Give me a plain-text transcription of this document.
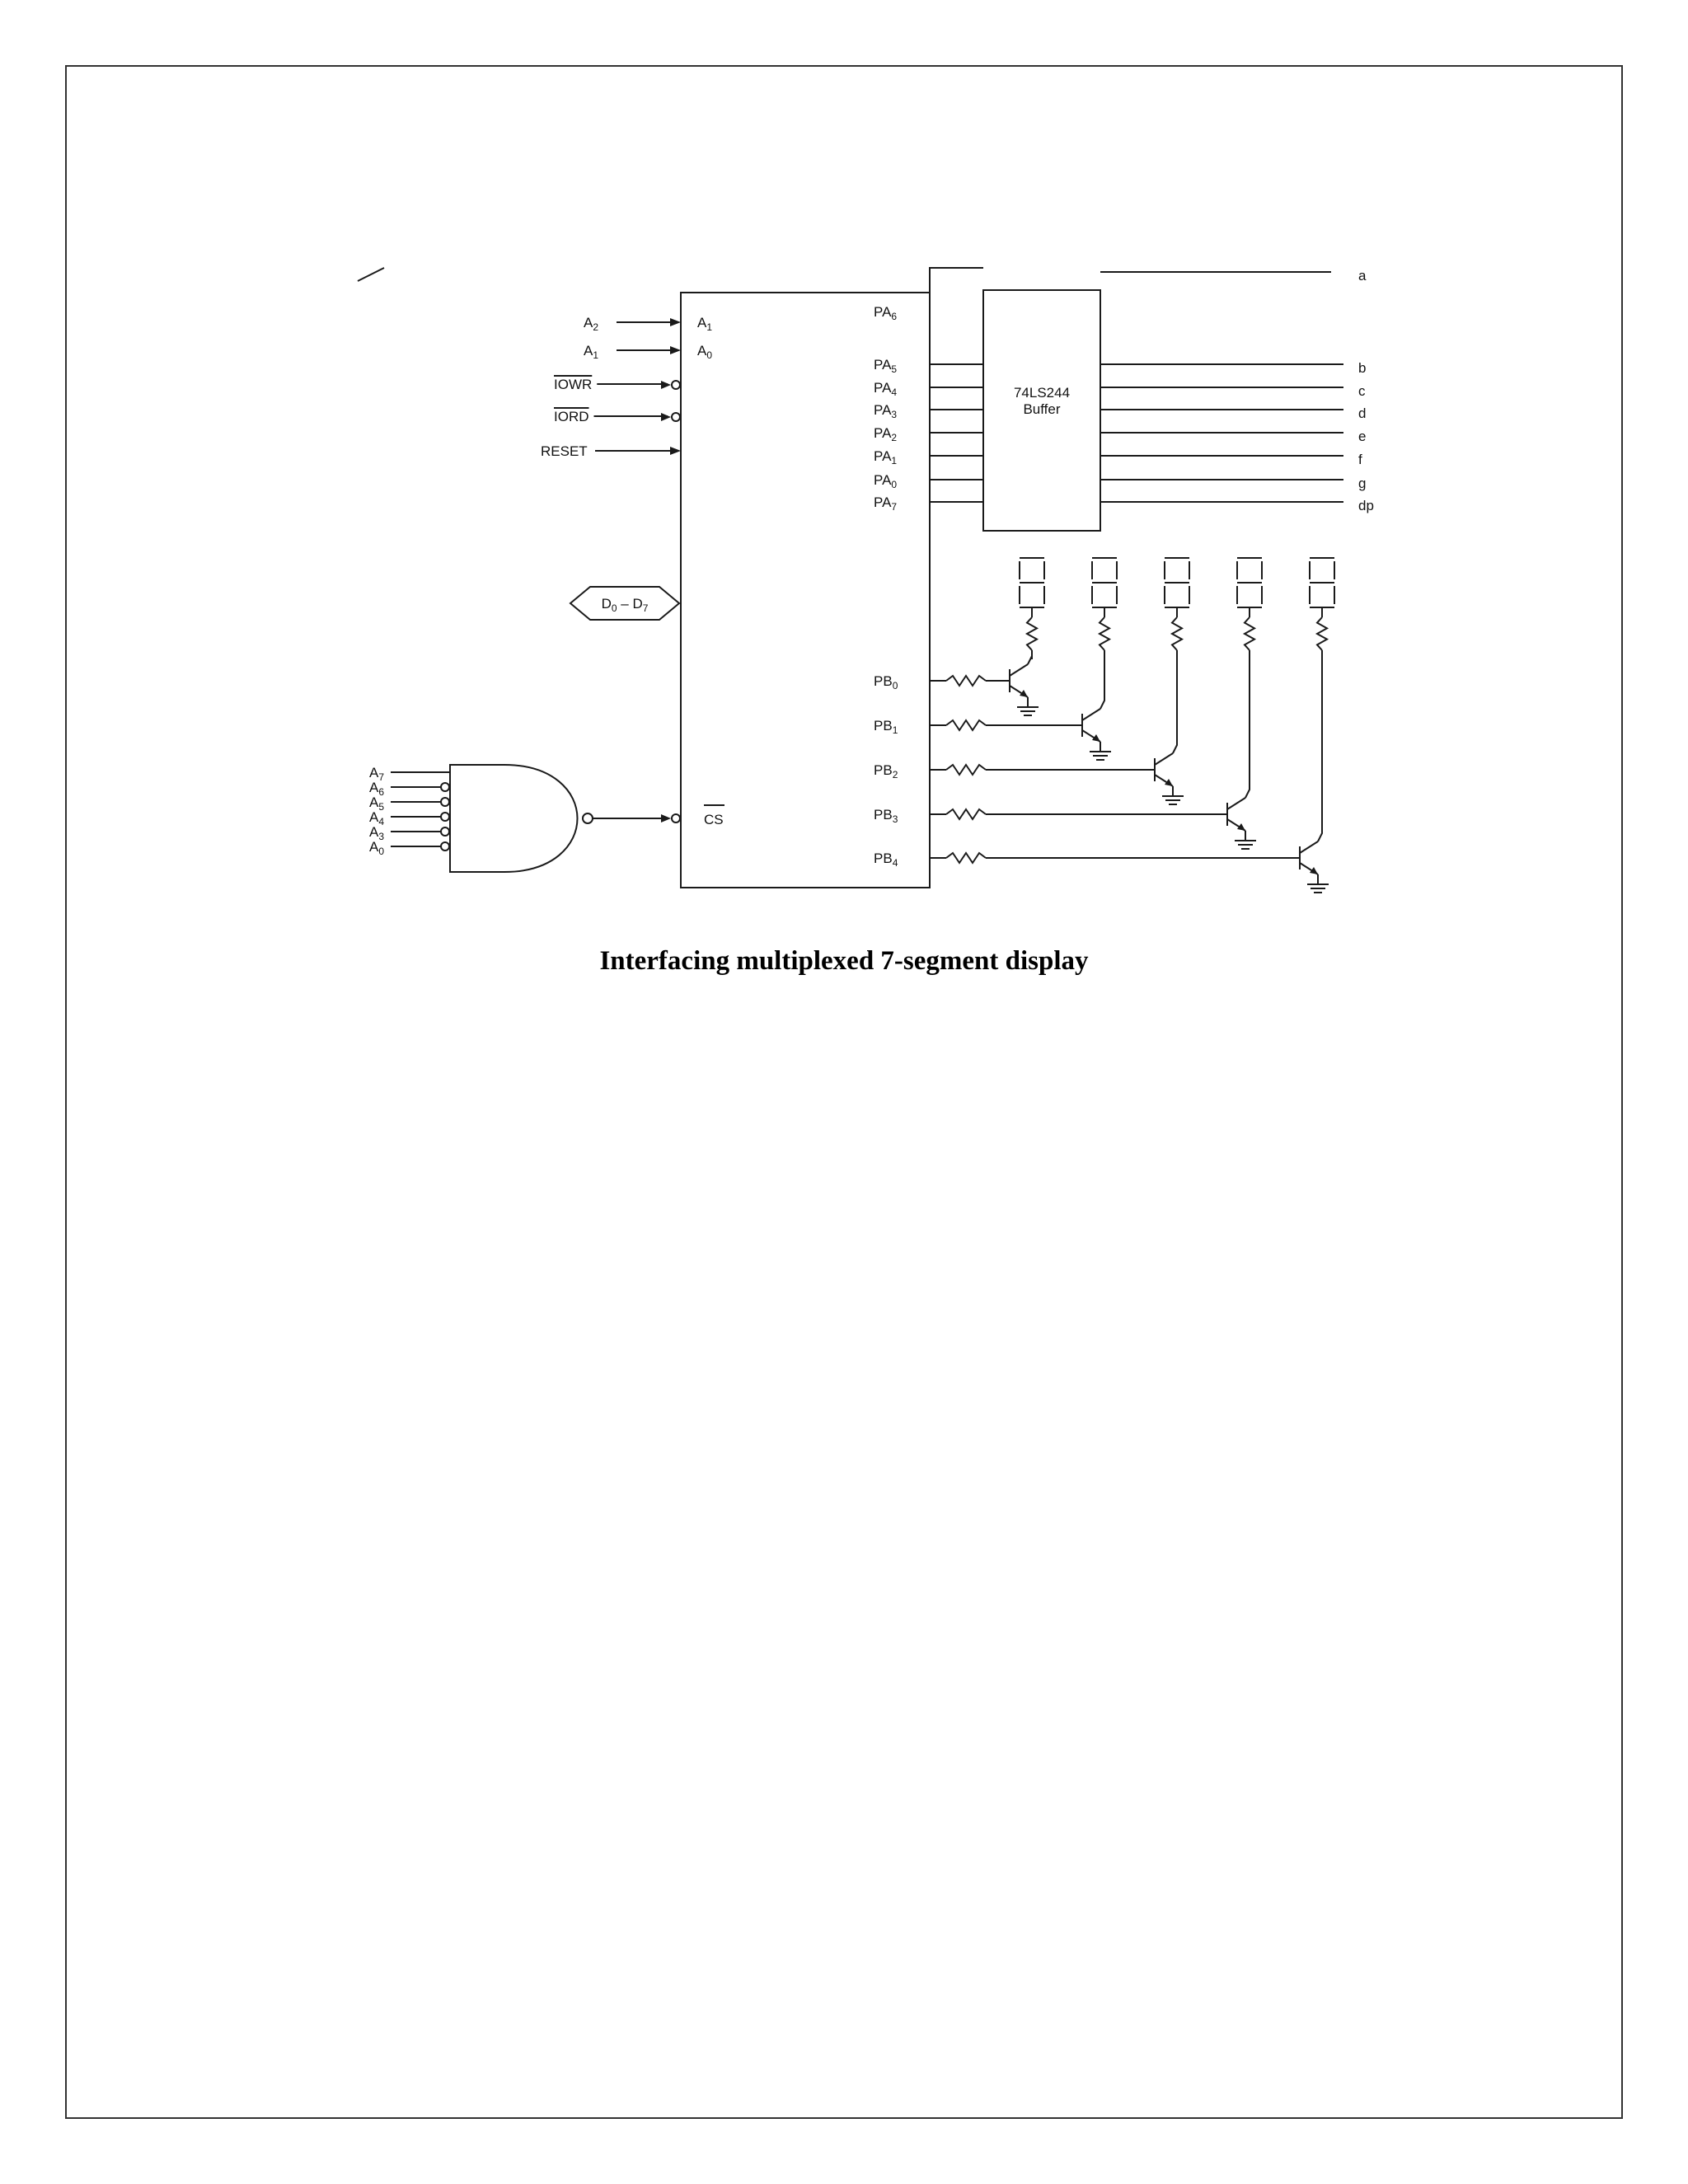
$A_2$	$A_1$
$A_1$	$A_0$
IOWR
IORD
RESET
$D_0 - D_7$
CS
$A_7$
$A_6$
$A_5$
$A_4$
$A_3$
$A_0$
$PA_6$
$PA_5$
$PA_4$
$PA_3$
$PA_2$
$PA_1$
$PA_0$
$PA_7$
74LS244
Buffer
a
b
c
d
e
f
g
dp
$PB_0$
$PB_1$
$PB_2$
$PB_3$
$PB_4$
Interfacing multiplexed 7-segment display
